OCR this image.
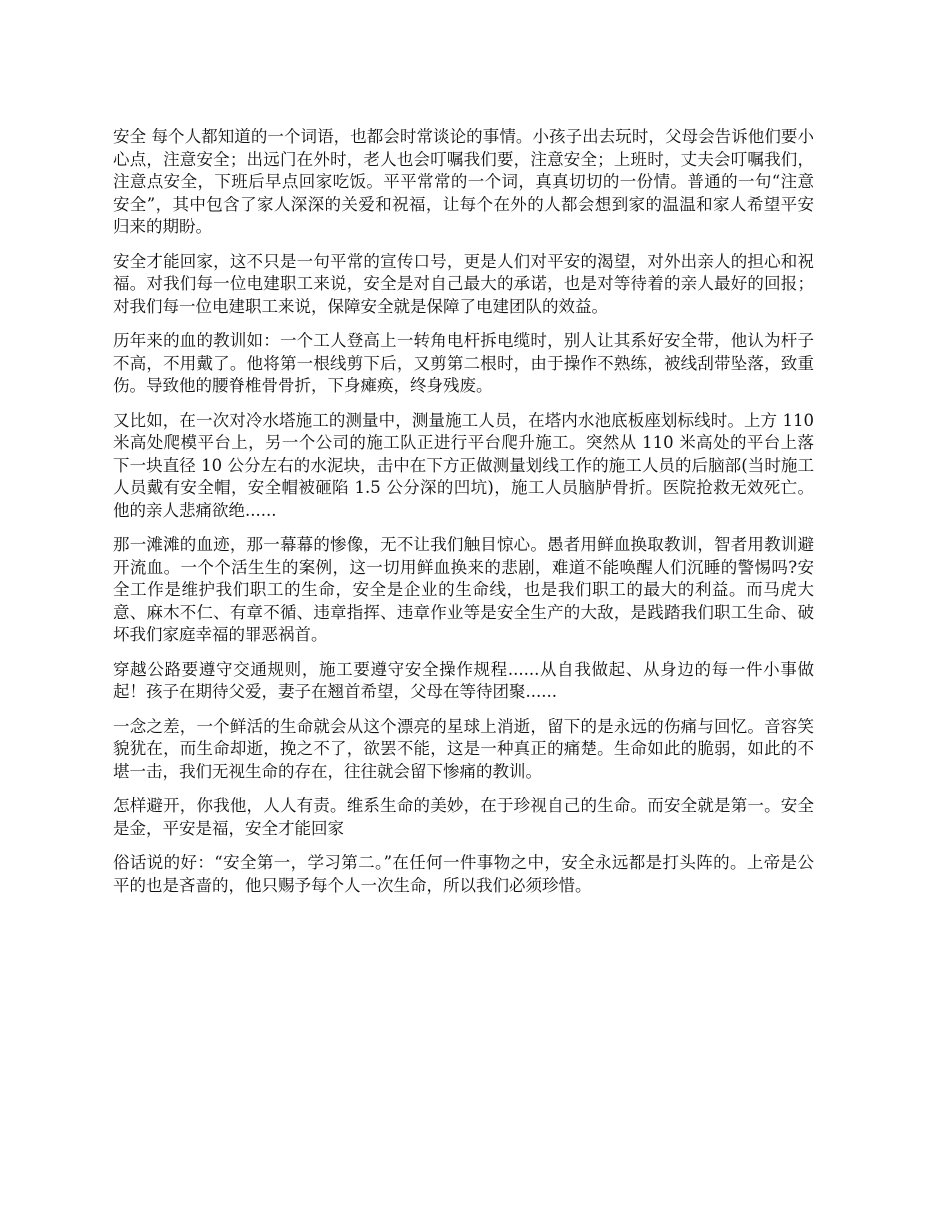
安全 每个人都知道的一个词语，也都会时常谈论的事情。小孩子出去玩时，父母会告诉他们要小心点，注意安全；出远门在外时，老人也会叮嘱我们要，注意安全；上班时，丈夫会叮嘱我们，注意点安全，下班后早点回家吃饭。平平常常的一个词，真真切切的一份情。普通的一句“注意安全”，其中包含了家人深深的关爱和祝福，让每个在外的人都会想到家的温温和家人希望平安归来的期盼。

安全才能回家，这不只是一句平常的宣传口号，更是人们对平安的渴望，对外出亲人的担心和祝福。对我们每一位电建职工来说，安全是对自己最大的承诺，也是对等待着的亲人最好的回报；对我们每一位电建职工来说，保障安全就是保障了电建团队的效益。

历年来的血的教训如：一个工人登高上一转角电杆拆电缆时，别人让其系好安全带，他认为杆子不高，不用戴了。他将第一根线剪下后，又剪第二根时，由于操作不熟练，被线刮带坠落，致重伤。导致他的腰脊椎骨骨折，下身瘫痪，终身残废。

又比如，在一次对冷水塔施工的测量中，测量施工人员，在塔内水池底板座划标线时。上方 110 米高处爬模平台上，另一个公司的施工队正进行平台爬升施工。突然从 110 米高处的平台上落下一块直径 10 公分左右的水泥块，击中在下方正做测量划线工作的施工人员的后脑部(当时施工人员戴有安全帽，安全帽被砸陷 1.5 公分深的凹坑)，施工人员脑胪骨折。医院抢救无效死亡。他的亲人悲痛欲绝......

那一滩滩的血迹，那一幕幕的惨像，无不让我们触目惊心。愚者用鲜血换取教训，智者用教训避开流血。一个个活生生的案例，这一切用鲜血换来的悲剧，难道不能唤醒人们沉睡的警惕吗?安全工作是维护我们职工的生命，安全是企业的生命线，也是我们职工的最大的利益。而马虎大意、麻木不仁、有章不循、违章指挥、违章作业等是安全生产的大敌，是践踏我们职工生命、破坏我们家庭幸福的罪恶祸首。

穿越公路要遵守交通规则，施工要遵守安全操作规程......从自我做起、从身边的每一件小事做起！孩子在期待父爱，妻子在翘首希望，父母在等待团聚......

一念之差，一个鲜活的生命就会从这个漂亮的星球上消逝，留下的是永远的伤痛与回忆。音容笑貌犹在，而生命却逝，挽之不了，欲罢不能，这是一种真正的痛楚。生命如此的脆弱，如此的不堪一击，我们无视生命的存在，往往就会留下惨痛的教训。

怎样避开，你我他，人人有责。维系生命的美妙，在于珍视自己的生命。而安全就是第一。安全是金，平安是福，安全才能回家

俗话说的好：“安全第一，学习第二。”在任何一件事物之中，安全永远都是打头阵的。上帝是公平的也是吝啬的，他只赐予每个人一次生命，所以我们必须珍惜。
